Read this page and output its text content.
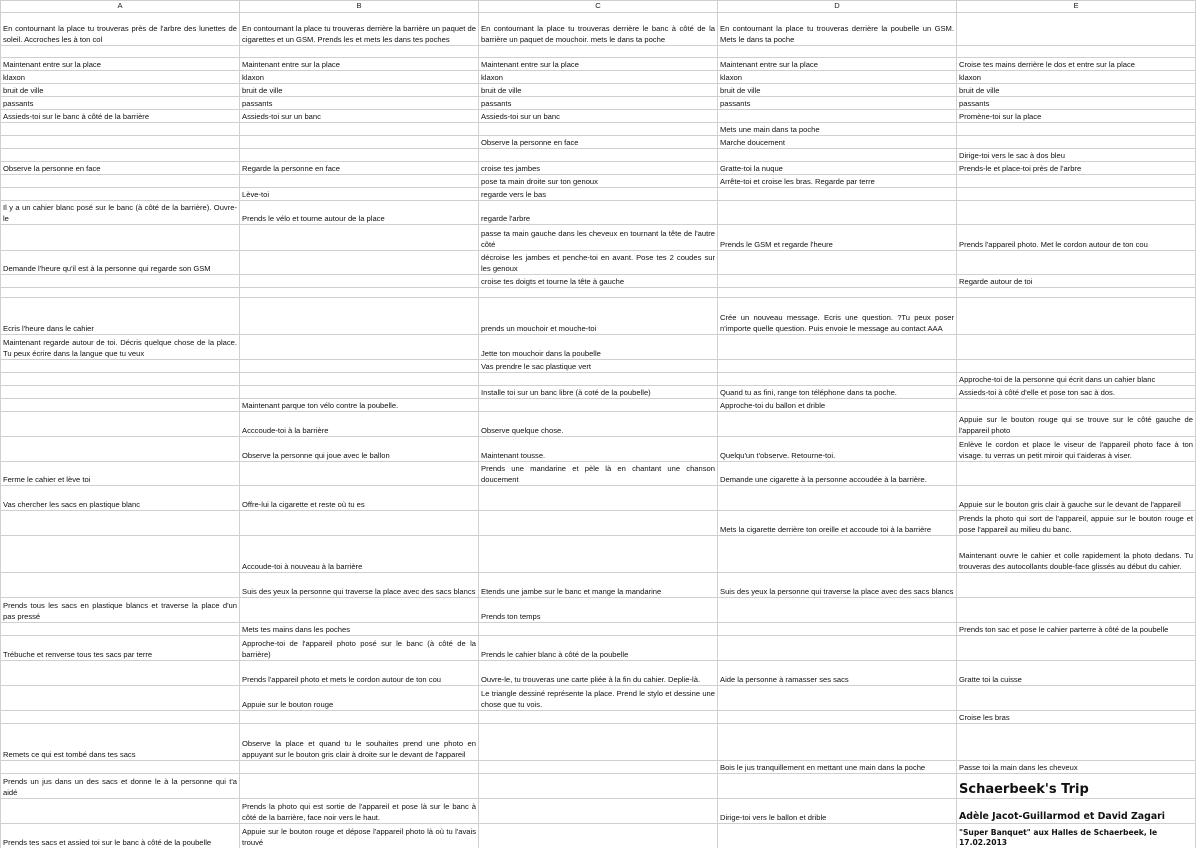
A	B	C	D	E
En contournant la place tu trouveras près de l'arbre des lunettes de soleil. Accroches les à ton col	En contournant la place tu trouveras derrière la barrière un paquet de cigarettes et un GSM. Prends les et mets les dans tes poches	En contournant la place tu trouveras derrière le banc à côté de la barrière un paquet de mouchoir. mets le dans ta poche	En contournant la place tu trouveras derrière la poubelle un GSM. Mets le dans ta poche	

Maintenant entre sur la place	Maintenant entre sur la place	Maintenant entre sur la place	Maintenant entre sur la place	Croise tes mains derrière le dos et entre sur la place
klaxon	klaxon	klaxon	klaxon	klaxon
bruit de ville	bruit de ville	bruit de ville	bruit de ville	bruit de ville
passants	passants	passants	passants	passants
Assieds-toi sur le banc à côté de la barrière	Assieds-toi sur un banc	Assieds-toi sur un banc		Promène-toi sur la place
			Mets une main dans ta poche	
		Observe la personne en face	Marche doucement	
				Dirige-toi vers le sac à dos bleu
Observe la personne en face	Regarde la personne en face	croise tes jambes	Gratte-toi la nuque	Prends-le et place-toi près de l'arbre
		pose ta main droite sur ton genoux	Arrête-toi et croise les bras. Regarde par terre	
	Lève-toi	regarde vers le bas		
Il y a un cahier blanc posé sur le banc (à côté de la barrière). Ouvre-le	Prends le vélo et tourne autour de la place	regarde l'arbre		
		passe ta main gauche dans les cheveux en tournant la tête de l'autre côté	Prends le GSM et regarde l'heure	Prends l'appareil photo. Met le cordon autour de ton cou
Demande l'heure qu'il est à la personne qui regarde son GSM		décroise les jambes et penche-toi en avant. Pose tes 2 coudes sur les genoux		
		croise tes doigts et tourne la tête à gauche		Regarde autour de toi

Ecris l'heure dans le cahier		prends un mouchoir et mouche-toi	Crée un nouveau message. Ecris une question. ?Tu peux poser n'importe quelle question. Puis envoie le message au contact AAA	
Maintenant regarde autour de toi. Décris quelque chose de la place. Tu peux écrire dans la langue que tu veux		Jette ton mouchoir dans la poubelle		
		Vas prendre le sac plastique vert		
				Approche-toi de la personne qui écrit dans un cahier blanc
		Installe toi sur un banc libre (à coté de la poubelle)	Quand tu as fini, range ton téléphone dans ta poche.	Assieds-toi à côté d'elle et pose ton sac à dos.
	Maintenant parque ton vélo contre la poubelle.		Approche-toi du ballon et drible	
	Acccoude-toi à la barrière	Observe quelque chose.		Appuie sur le bouton rouge qui se trouve sur le côté gauche de l'appareil photo
	Observe la personne qui joue avec le ballon	Maintenant tousse.	Quelqu'un t'observe. Retourne-toi.	Enlève le cordon et place le viseur de l'appareil photo face à ton visage. tu verras un petit miroir qui t'aideras à viser.
Ferme le cahier et lève toi		Prends une mandarine et pèle là en chantant une chanson doucement	Demande une cigarette à la personne accoudée à la barrière.	
Vas chercher les sacs en plastique blanc	Offre-lui la cigarette et reste où tu es			Appuie sur le bouton gris clair à gauche sur le devant de l'appareil
			Mets la cigarette derrière ton oreille et accoude toi à la barrière	Prends la photo qui sort de l'appareil, appuie sur le bouton rouge et pose l'appareil au milieu du banc.
	Accoude-toi à nouveau à la barrière			Maintenant ouvre le cahier et colle rapidement la photo dedans. Tu trouveras des autocollants double-face glissés au début du cahier.
	Suis des yeux la personne qui traverse la place avec des sacs blancs	Etends une jambe sur le banc et mange la mandarine	Suis des yeux la personne qui traverse la place avec des sacs blancs	
Prends tous les sacs en plastique blancs et traverse la place d'un pas pressé		Prends ton temps		
	Mets tes mains dans les poches			Prends ton sac et pose le cahier parterre à côté de la poubelle
Trébuche et renverse tous tes sacs par terre	Approche-toi de l'appareil photo posé sur le banc (à côté de la barrière)	Prends le cahier blanc à côté de la poubelle		
	Prends l'appareil photo et mets le cordon autour de ton cou	Ouvre-le, tu trouveras une carte pliée à la fin du cahier. Deplie-là.	Aide la personne à ramasser ses sacs	Gratte toi la cuisse
	Appuie sur le bouton rouge	Le triangle dessiné représente la place. Prend le stylo et dessine une chose que tu vois.		
				Croise les bras
Remets ce qui est tombé dans tes sacs	Observe la place et quand tu le souhaites prend une photo en appuyant sur le bouton gris clair à droite sur le devant de l'appareil			
			Bois le jus tranquillement en mettant une main dans la poche	Passe toi la main dans les cheveux
Prends un jus dans un des sacs et donne le à la personne qui t'a aidé				Schaerbeek's Trip
	Prends la photo qui est sortie de l'appareil et pose là sur le banc à côté de la barrière, face noir vers le haut.		Dirige-toi vers le ballon et drible	Adèle Jacot-Guillarmod et David Zagari
Prends tes sacs et assied toi sur le banc à côté de la poubelle	Appuie sur le bouton rouge et dépose l'appareil photo là où tu l'avais trouvé			"Super Banquet" aux Halles de Schaerbeek, le 17.02.2013
